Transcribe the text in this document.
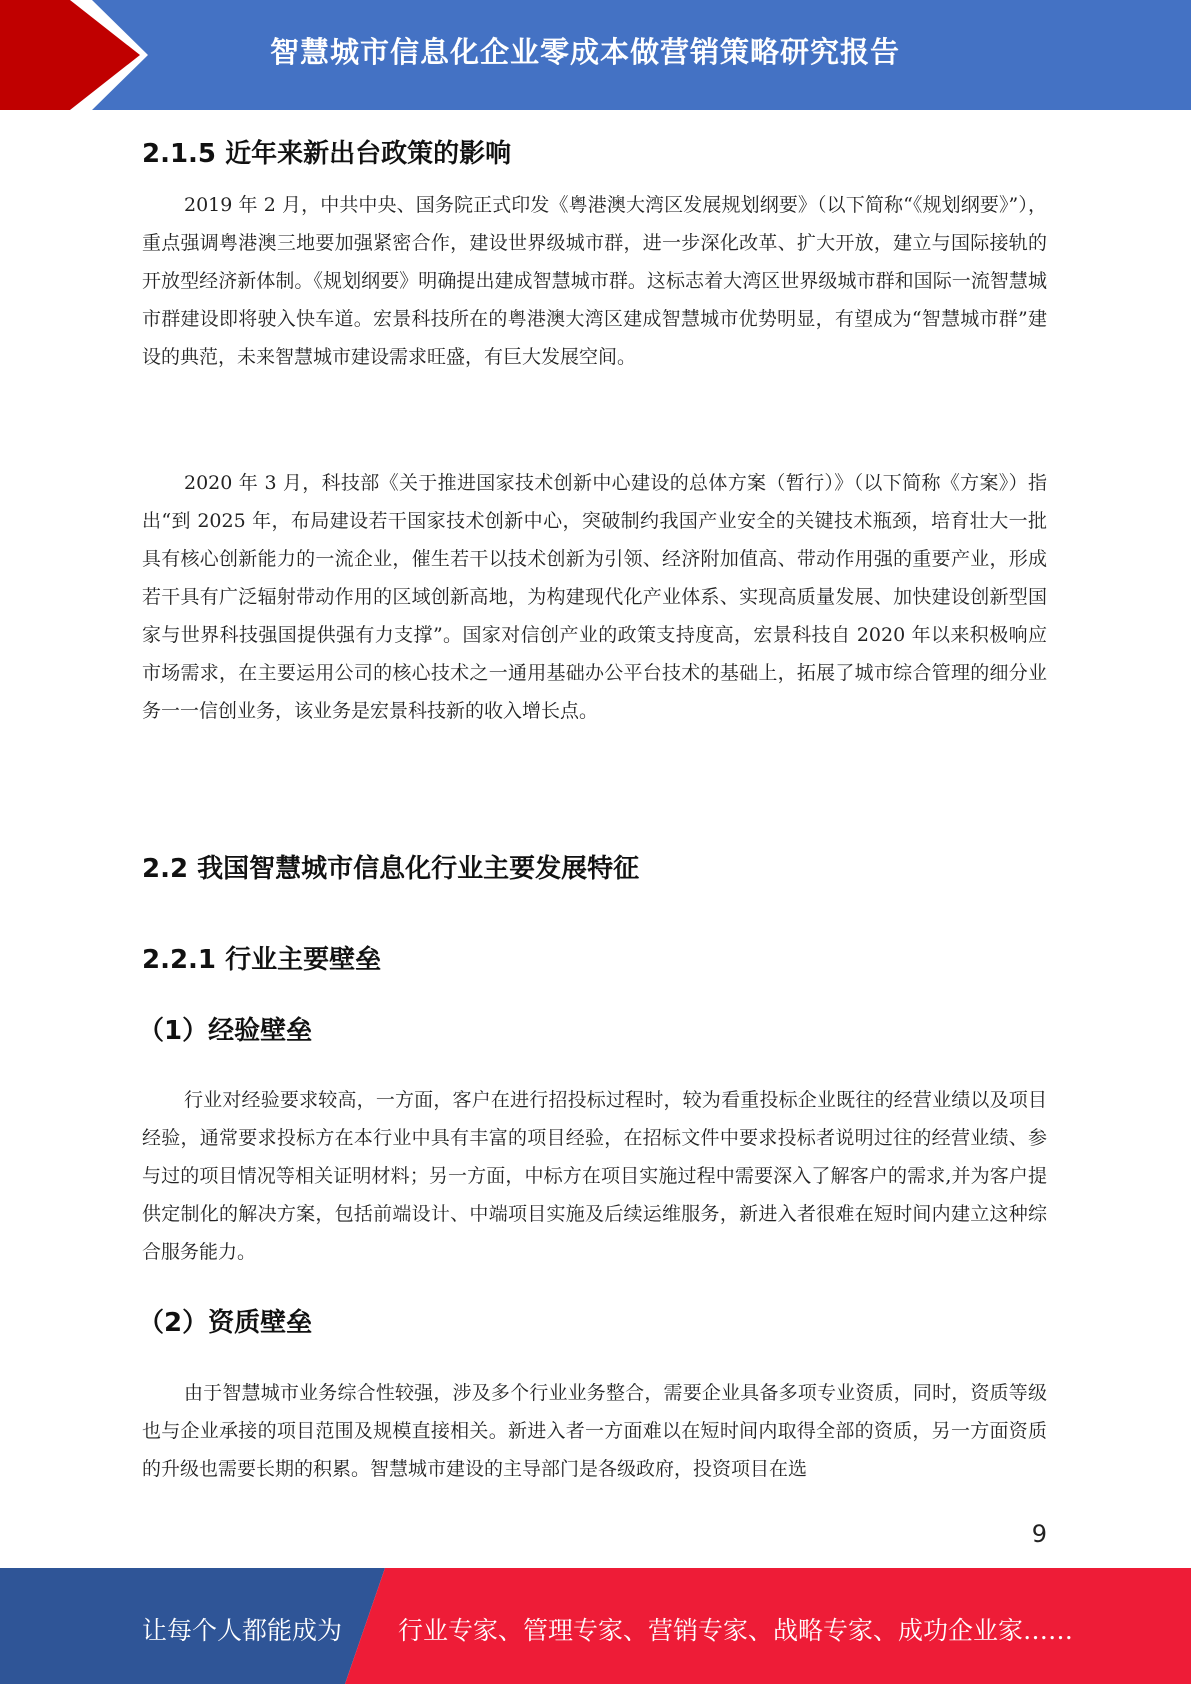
智慧城市信息化企业零成本做营销策略研究报告
2.1.5 近年来新出台政策的影响

2019 年 2 月，中共中央、国务院正式印发《粤港澳大湾区发展规划纲要》（以下简称“《规划纲要》”），重点强调粤港澳三地要加强紧密合作，建设世界级城市群，进一步深化改革、扩大开放，建立与国际接轨的开放型经济新体制。《规划纲要》明确提出建成智慧城市群。这标志着大湾区世界级城市群和国际一流智慧城市群建设即将驶入快车道。宏景科技所在的粤港澳大湾区建成智慧城市优势明显，有望成为“智慧城市群”建设的典范，未来智慧城市建设需求旺盛，有巨大发展空间。

2020 年 3 月，科技部《关于推进国家技术创新中心建设的总体方案（暂行）》（以下简称《方案》）指出“到 2025 年，布局建设若干国家技术创新中心，突破制约我国产业安全的关键技术瓶颈，培育壮大一批具有核心创新能力的一流企业，催生若干以技术创新为引领、经济附加值高、带动作用强的重要产业，形成若干具有广泛辐射带动作用的区域创新高地，为构建现代化产业体系、实现高质量发展、加快建设创新型国家与世界科技强国提供强有力支撑”。国家对信创产业的政策支持度高，宏景科技自 2020 年以来积极响应市场需求，在主要运用公司的核心技术之一通用基础办公平台技术的基础上，拓展了城市综合管理的细分业务一一信创业务，该业务是宏景科技新的收入增长点。

2.2 我国智慧城市信息化行业主要发展特征
2.2.1 行业主要壁垒
（1）经验壁垒

行业对经验要求较高，一方面，客户在进行招投标过程时，较为看重投标企业既往的经营业绩以及项目经验，通常要求投标方在本行业中具有丰富的项目经验，在招标文件中要求投标者说明过往的经营业绩、参与过的项目情况等相关证明材料；另一方面，中标方在项目实施过程中需要深入了解客户的需求,并为客户提供定制化的解决方案，包括前端设计、中端项目实施及后续运维服务，新进入者很难在短时间内建立这种综合服务能力。

（2）资质壁垒

由于智慧城市业务综合性较强，涉及多个行业业务整合，需要企业具备多项专业资质，同时，资质等级也与企业承接的项目范围及规模直接相关。新进入者一方面难以在短时间内取得全部的资质，另一方面资质的升级也需要长期的积累。智慧城市建设的主导部门是各级政府，投资项目在选

9
让每个人都能成为 行业专家、管理专家、营销专家、战略专家、成功企业家……
